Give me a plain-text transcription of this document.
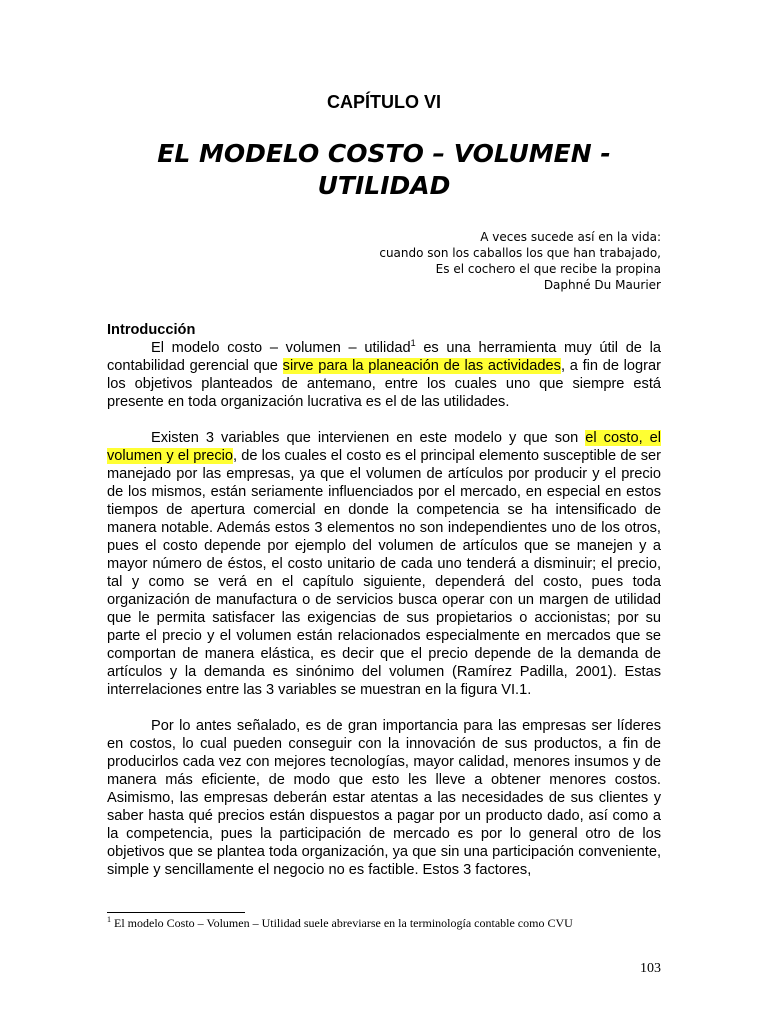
CAPÍTULO VI
EL MODELO COSTO – VOLUMEN - UTILIDAD
A veces sucede así en la vida:
cuando son los caballos los que han trabajado,
Es el cochero el que recibe la propina
Daphné Du Maurier
Introducción

El modelo costo – volumen – utilidad$^1$ es una herramienta muy útil de la contabilidad gerencial que sirve para la planeación de las actividades, a fin de lograr los objetivos planteados de antemano, entre los cuales uno que siempre está presente en toda organización lucrativa es el de las utilidades.

Existen 3 variables que intervienen en este modelo y que son el costo, el volumen y el precio, de los cuales el costo es el principal elemento susceptible de ser manejado por las empresas, ya que el volumen de artículos por producir y el precio de los mismos, están seriamente influenciados por el mercado, en especial en estos tiempos de apertura comercial en donde la competencia se ha intensificado de manera notable. Además estos 3 elementos no son independientes uno de los otros, pues el costo depende por ejemplo del volumen de artículos que se manejen y a mayor número de éstos, el costo unitario de cada uno tenderá a disminuir; el precio, tal y como se verá en el capítulo siguiente, dependerá del costo, pues toda organización de manufactura o de servicios busca operar con un margen de utilidad que le permita satisfacer las exigencias de sus propietarios o accionistas; por su parte el precio y el volumen están relacionados especialmente en mercados que se comportan de manera elástica, es decir que el precio depende de la demanda de artículos y la demanda es sinónimo del volumen (Ramírez Padilla, 2001). Estas interrelaciones entre las 3 variables se muestran en la figura VI.1.

Por lo antes señalado, es de gran importancia para las empresas ser líderes en costos, lo cual pueden conseguir con la innovación de sus productos, a fin de producirlos cada vez con mejores tecnologías, mayor calidad, menores insumos y de manera más eficiente, de modo que esto les lleve a obtener menores costos. Asimismo, las empresas deberán estar atentas a las necesidades de sus clientes y saber hasta qué precios están dispuestos a pagar por un producto dado, así como a la competencia, pues la participación de mercado es por lo general otro de los objetivos que se plantea toda organización, ya que sin una participación conveniente, simple y sencillamente el negocio no es factible. Estos 3 factores,

$^1$ El modelo Costo – Volumen – Utilidad suele abreviarse en la terminología contable como CVU
103
